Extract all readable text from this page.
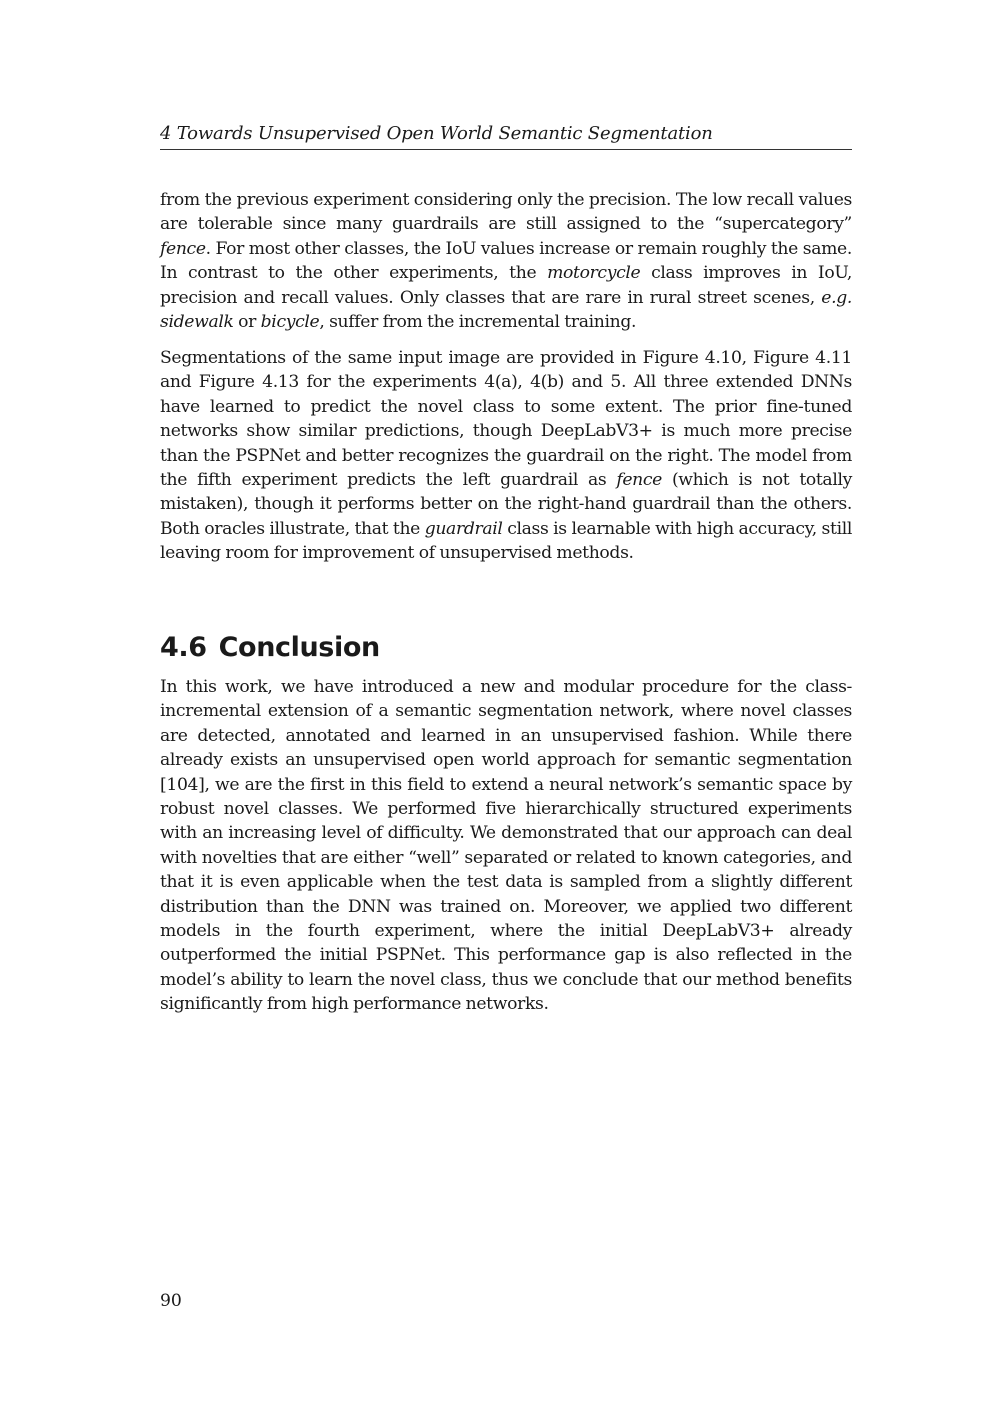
4 Towards Unsupervised Open World Semantic Segmentation

from the previous experiment considering only the precision. The low recall values are tolerable since many guardrails are still assigned to the “supercategory” fence. For most other classes, the IoU values increase or remain roughly the same. In contrast to the other experiments, the motorcycle class improves in IoU, precision and recall values. Only classes that are rare in rural street scenes, e.g. sidewalk or bicycle, suffer from the incremental training.

Segmentations of the same input image are provided in Figure 4.10, Figure 4.11 and Figure 4.13 for the experiments 4(a), 4(b) and 5. All three extended DNNs have learned to predict the novel class to some extent. The prior fine-tuned networks show similar predictions, though DeepLabV3+ is much more precise than the PSPNet and better recognizes the guardrail on the right. The model from the fifth experiment predicts the left guardrail as fence (which is not totally mistaken), though it performs better on the right-hand guardrail than the others. Both oracles illustrate, that the guardrail class is learnable with high accuracy, still leaving room for improvement of unsupervised methods.

4.6 Conclusion

In this work, we have introduced a new and modular procedure for the class-incremental extension of a semantic segmentation network, where novel classes are detected, annotated and learned in an unsupervised fashion. While there already exists an unsupervised open world approach for semantic segmentation [104], we are the first in this field to extend a neural network’s semantic space by robust novel classes. We performed five hierarchically structured experiments with an increasing level of difficulty. We demonstrated that our approach can deal with novelties that are either “well” separated or related to known categories, and that it is even applicable when the test data is sampled from a slightly different distribution than the DNN was trained on. Moreover, we applied two different models in the fourth experiment, where the initial DeepLabV3+ already outperformed the initial PSPNet. This performance gap is also reflected in the model’s ability to learn the novel class, thus we conclude that our method benefits significantly from high performance networks.

90
